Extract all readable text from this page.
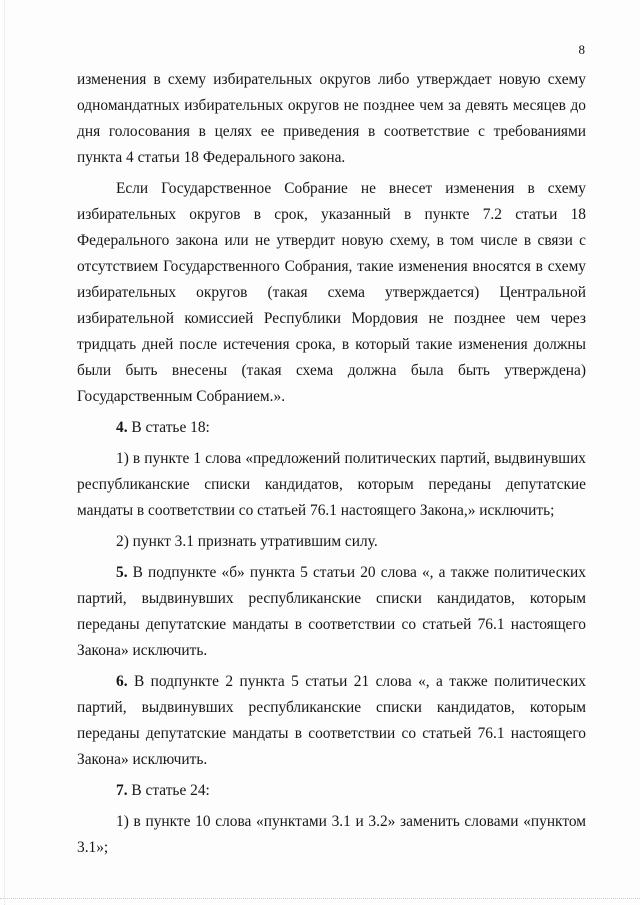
8

изменения в схему избирательных округов либо утверждает новую схему одномандатных избирательных округов не позднее чем за девять месяцев до дня голосования в целях ее приведения в соответствие с требованиями пункта 4 статьи 18 Федерального закона.

Если Государственное Собрание не внесет изменения в схему избирательных округов в срок, указанный в пункте 7.2 статьи 18 Федерального закона или не утвердит новую схему, в том числе в связи с отсутствием Государственного Собрания, такие изменения вносятся в схему избирательных округов (такая схема утверждается) Центральной избирательной комиссией Республики Мордовия не позднее чем через тридцать дней после истечения срока, в который такие изменения должны были быть внесены (такая схема должна была быть утверждена) Государственным Собранием.».

4. В статье 18:

1) в пункте 1 слова «предложений политических партий, выдвинувших республиканские списки кандидатов, которым переданы депутатские мандаты в соответствии со статьей 76.1 настоящего Закона,» исключить;

2) пункт 3.1 признать утратившим силу.

5. В подпункте «б» пункта 5 статьи 20 слова «, а также политических партий, выдвинувших республиканские списки кандидатов, которым переданы депутатские мандаты в соответствии со статьей 76.1 настоящего Закона» исключить.

6. В подпункте 2 пункта 5 статьи 21 слова «, а также политических партий, выдвинувших республиканские списки кандидатов, которым переданы депутатские мандаты в соответствии со статьей 76.1 настоящего Закона» исключить.

7. В статье 24:

1) в пункте 10 слова «пунктами 3.1 и 3.2» заменить словами «пунктом 3.1»;
